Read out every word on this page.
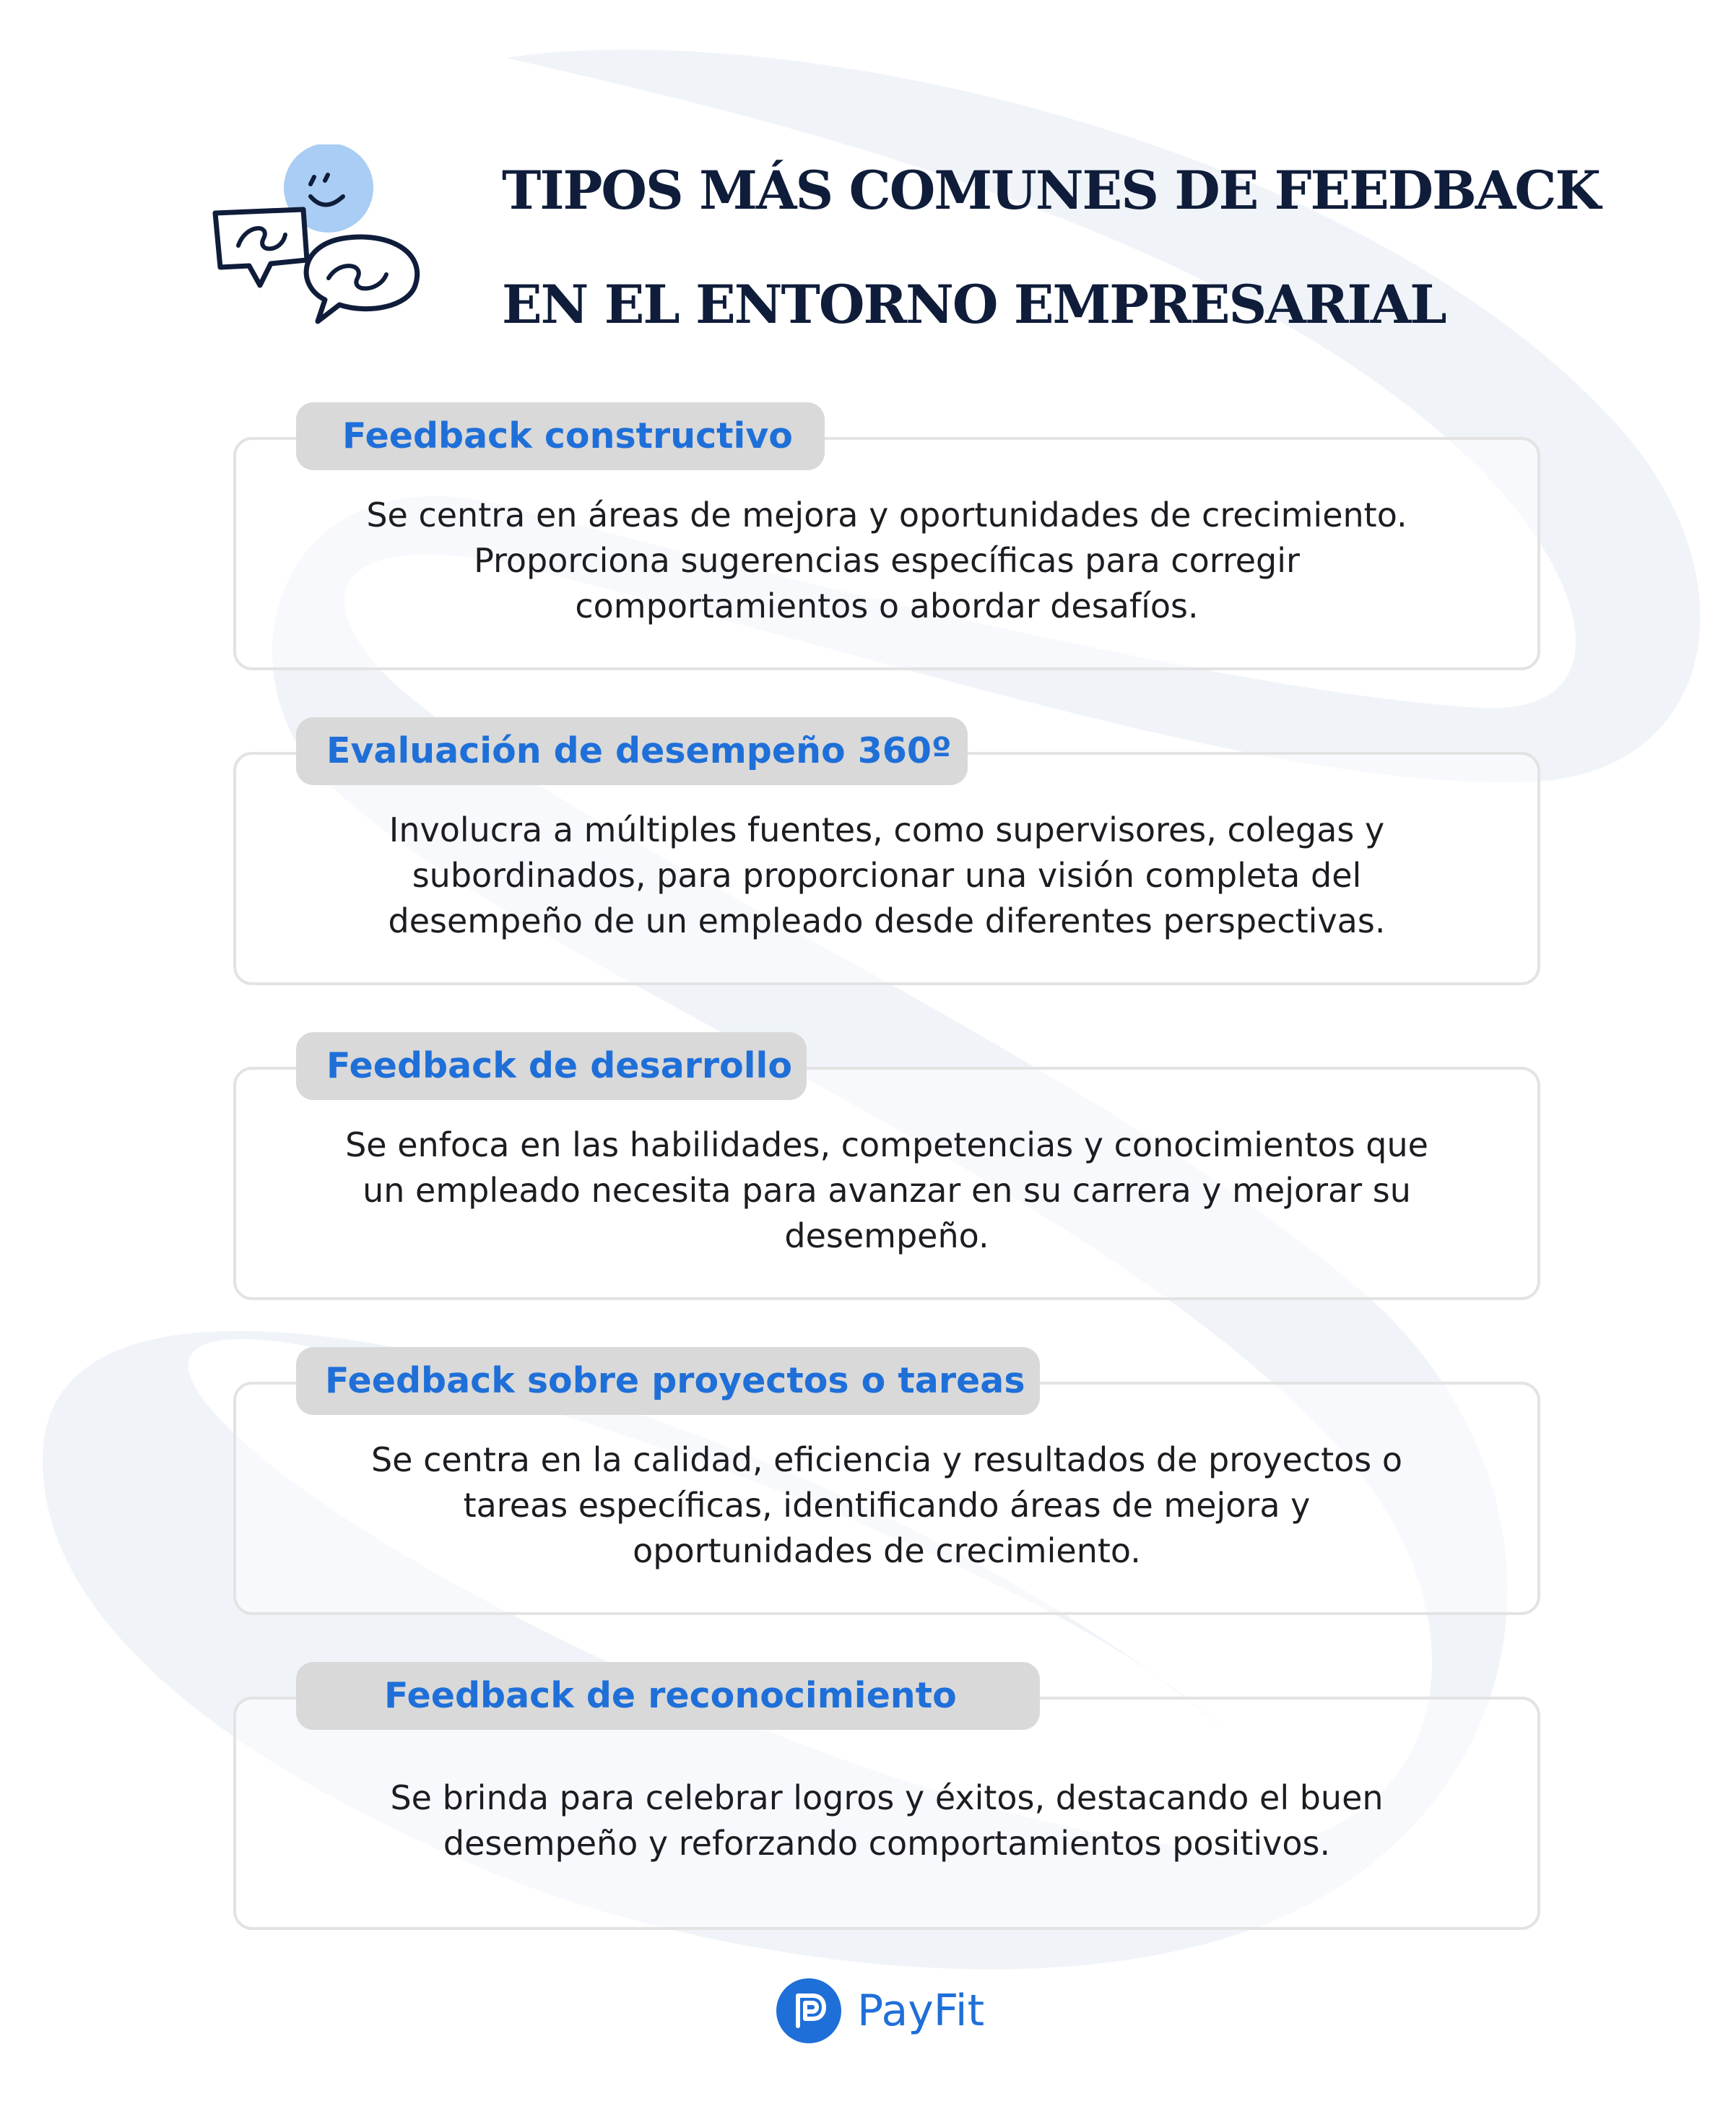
TIPOS MÁS COMUNES DE FEEDBACK
EN EL ENTORNO EMPRESARIAL

Se centra en áreas de mejora y oportunidades de crecimiento.
Proporciona sugerencias específicas para corregir
comportamientos o abordar desafíos.

Feedback constructivo

Involucra a múltiples fuentes, como supervisores, colegas y
subordinados, para proporcionar una visión completa del
desempeño de un empleado desde diferentes perspectivas.

Evaluación de desempeño 360º

Se enfoca en las habilidades, competencias y conocimientos que
un empleado necesita para avanzar en su carrera y mejorar su
desempeño.

Feedback de desarrollo

Se centra en la calidad, eficiencia y resultados de proyectos o
tareas específicas, identificando áreas de mejora y
oportunidades de crecimiento.

Feedback sobre proyectos o tareas

Se brinda para celebrar logros y éxitos, destacando el buen
desempeño y reforzando comportamientos positivos.

Feedback de reconocimiento
PayFit
